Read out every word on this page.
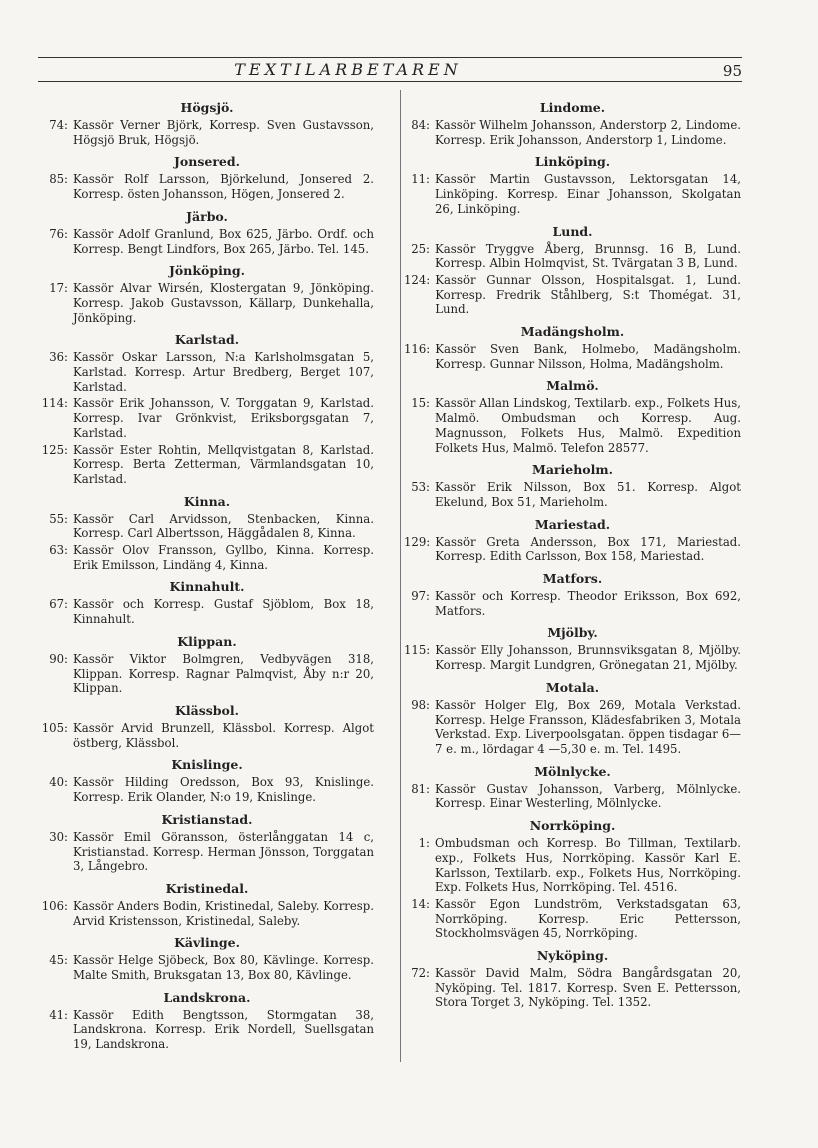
TEXTILARBETAREN	95
Högsjö.
74: Kassör Verner Björk, Korresp. Sven Gustavsson, Högsjö Bruk, Högsjö.
Jonsered.
85: Kassör Rolf Larsson, Björkelund, Jonsered 2. Korresp. östen Johansson, Högen, Jonsered 2.
Järbo.
76: Kassör Adolf Granlund, Box 625, Järbo. Ordf. och Korresp. Bengt Lindfors, Box 265, Järbo. Tel. 145.
Jönköping.
17: Kassör Alvar Wirsén, Klostergatan 9, Jönköping. Korresp. Jakob Gustavsson, Källarp, Dunkehalla, Jönköping.
Karlstad.
36: Kassör Oskar Larsson, N:a Karlsholmsgatan 5, Karlstad. Korresp. Artur Bredberg, Berget 107, Karlstad.
114: Kassör Erik Johansson, V. Torggatan 9, Karlstad. Korresp. Ivar Grönkvist, Eriksborgsgatan 7, Karlstad.
125: Kassör Ester Rohtin, Mellqvistgatan 8, Karlstad. Korresp. Berta Zetterman, Värmlandsgatan 10, Karlstad.
Kinna.
55: Kassör Carl Arvidsson, Stenbacken, Kinna. Korresp. Carl Albertsson, Häggådalen 8, Kinna.
63: Kassör Olov Fransson, Gyllbo, Kinna. Korresp. Erik Emilsson, Lindäng 4, Kinna.
Kinnahult.
67: Kassör och Korresp. Gustaf Sjöblom, Box 18, Kinnahult.
Klippan.
90: Kassör Viktor Bolmgren, Vedbyvägen 318, Klippan. Korresp. Ragnar Palmqvist, Åby n:r 20, Klippan.
Klässbol.
105: Kassör Arvid Brunzell, Klässbol. Korresp. Algot östberg, Klässbol.
Knislinge.
40: Kassör Hilding Oredsson, Box 93, Knislinge. Korresp. Erik Olander, N:o 19, Knislinge.
Kristianstad.
30: Kassör Emil Göransson, österlånggatan 14 c, Kristianstad. Korresp. Herman Jönsson, Torggatan 3, Långebro.
Kristinedal.
106: Kassör Anders Bodin, Kristinedal, Saleby. Korresp. Arvid Kristensson, Kristinedal, Saleby.
Kävlinge.
45: Kassör Helge Sjöbeck, Box 80, Kävlinge. Korresp. Malte Smith, Bruksgatan 13, Box 80, Kävlinge.
Landskrona.
41: Kassör Edith Bengtsson, Stormgatan 38, Landskrona. Korresp. Erik Nordell, Suellsgatan 19, Landskrona.
Lindome.
84: Kassör Wilhelm Johansson, Anderstorp 2, Lindome. Korresp. Erik Johansson, Anderstorp 1, Lindome.
Linköping.
11: Kassör Martin Gustavsson, Lektorsgatan 14, Linköping. Korresp. Einar Johansson, Skolgatan 26, Linköping.
Lund.
25: Kassör Tryggve Åberg, Brunnsg. 16 B, Lund. Korresp. Albin Holmqvist, St. Tvärgatan 3 B, Lund.
124: Kassör Gunnar Olsson, Hospitalsgat. 1, Lund. Korresp. Fredrik Ståhlberg, S:t Thomégat. 31, Lund.
Madängsholm.
116: Kassör Sven Bank, Holmebo, Madängsholm. Korresp. Gunnar Nilsson, Holma, Madängsholm.
Malmö.
15: Kassör Allan Lindskog, Textilarb. exp., Folkets Hus, Malmö. Ombudsman och Korresp. Aug. Magnusson, Folkets Hus, Malmö. Expedition Folkets Hus, Malmö. Telefon 28577.
Marieholm.
53: Kassör Erik Nilsson, Box 51. Korresp. Algot Ekelund, Box 51, Marieholm.
Mariestad.
129: Kassör Greta Andersson, Box 171, Mariestad. Korresp. Edith Carlsson, Box 158, Mariestad.
Matfors.
97: Kassör och Korresp. Theodor Eriksson, Box 692, Matfors.
Mjölby.
115: Kassör Elly Johansson, Brunnsviksgatan 8, Mjölby. Korresp. Margit Lundgren, Grönegatan 21, Mjölby.
Motala.
98: Kassör Holger Elg, Box 269, Motala Verkstad. Korresp. Helge Fransson, Klädesfabriken 3, Motala Verkstad. Exp. Liverpoolsgatan. öppen tisdagar 6—7 e. m., lördagar 4 —5,30 e. m. Tel. 1495.
Mölnlycke.
81: Kassör Gustav Johansson, Varberg, Mölnlycke. Korresp. Einar Westerling, Mölnlycke.
Norrköping.
1: Ombudsman och Korresp. Bo Tillman, Textilarb. exp., Folkets Hus, Norrköping. Kassör Karl E. Karlsson, Textilarb. exp., Folkets Hus, Norrköping. Exp. Folkets Hus, Norrköping. Tel. 4516.
14: Kassör Egon Lundström, Verkstadsgatan 63, Norrköping. Korresp. Eric Pettersson, Stockholmsvägen 45, Norrköping.
Nyköping.
72: Kassör David Malm, Södra Bangårdsgatan 20, Nyköping. Tel. 1817. Korresp. Sven E. Pettersson, Stora Torget 3, Nyköping. Tel. 1352.
